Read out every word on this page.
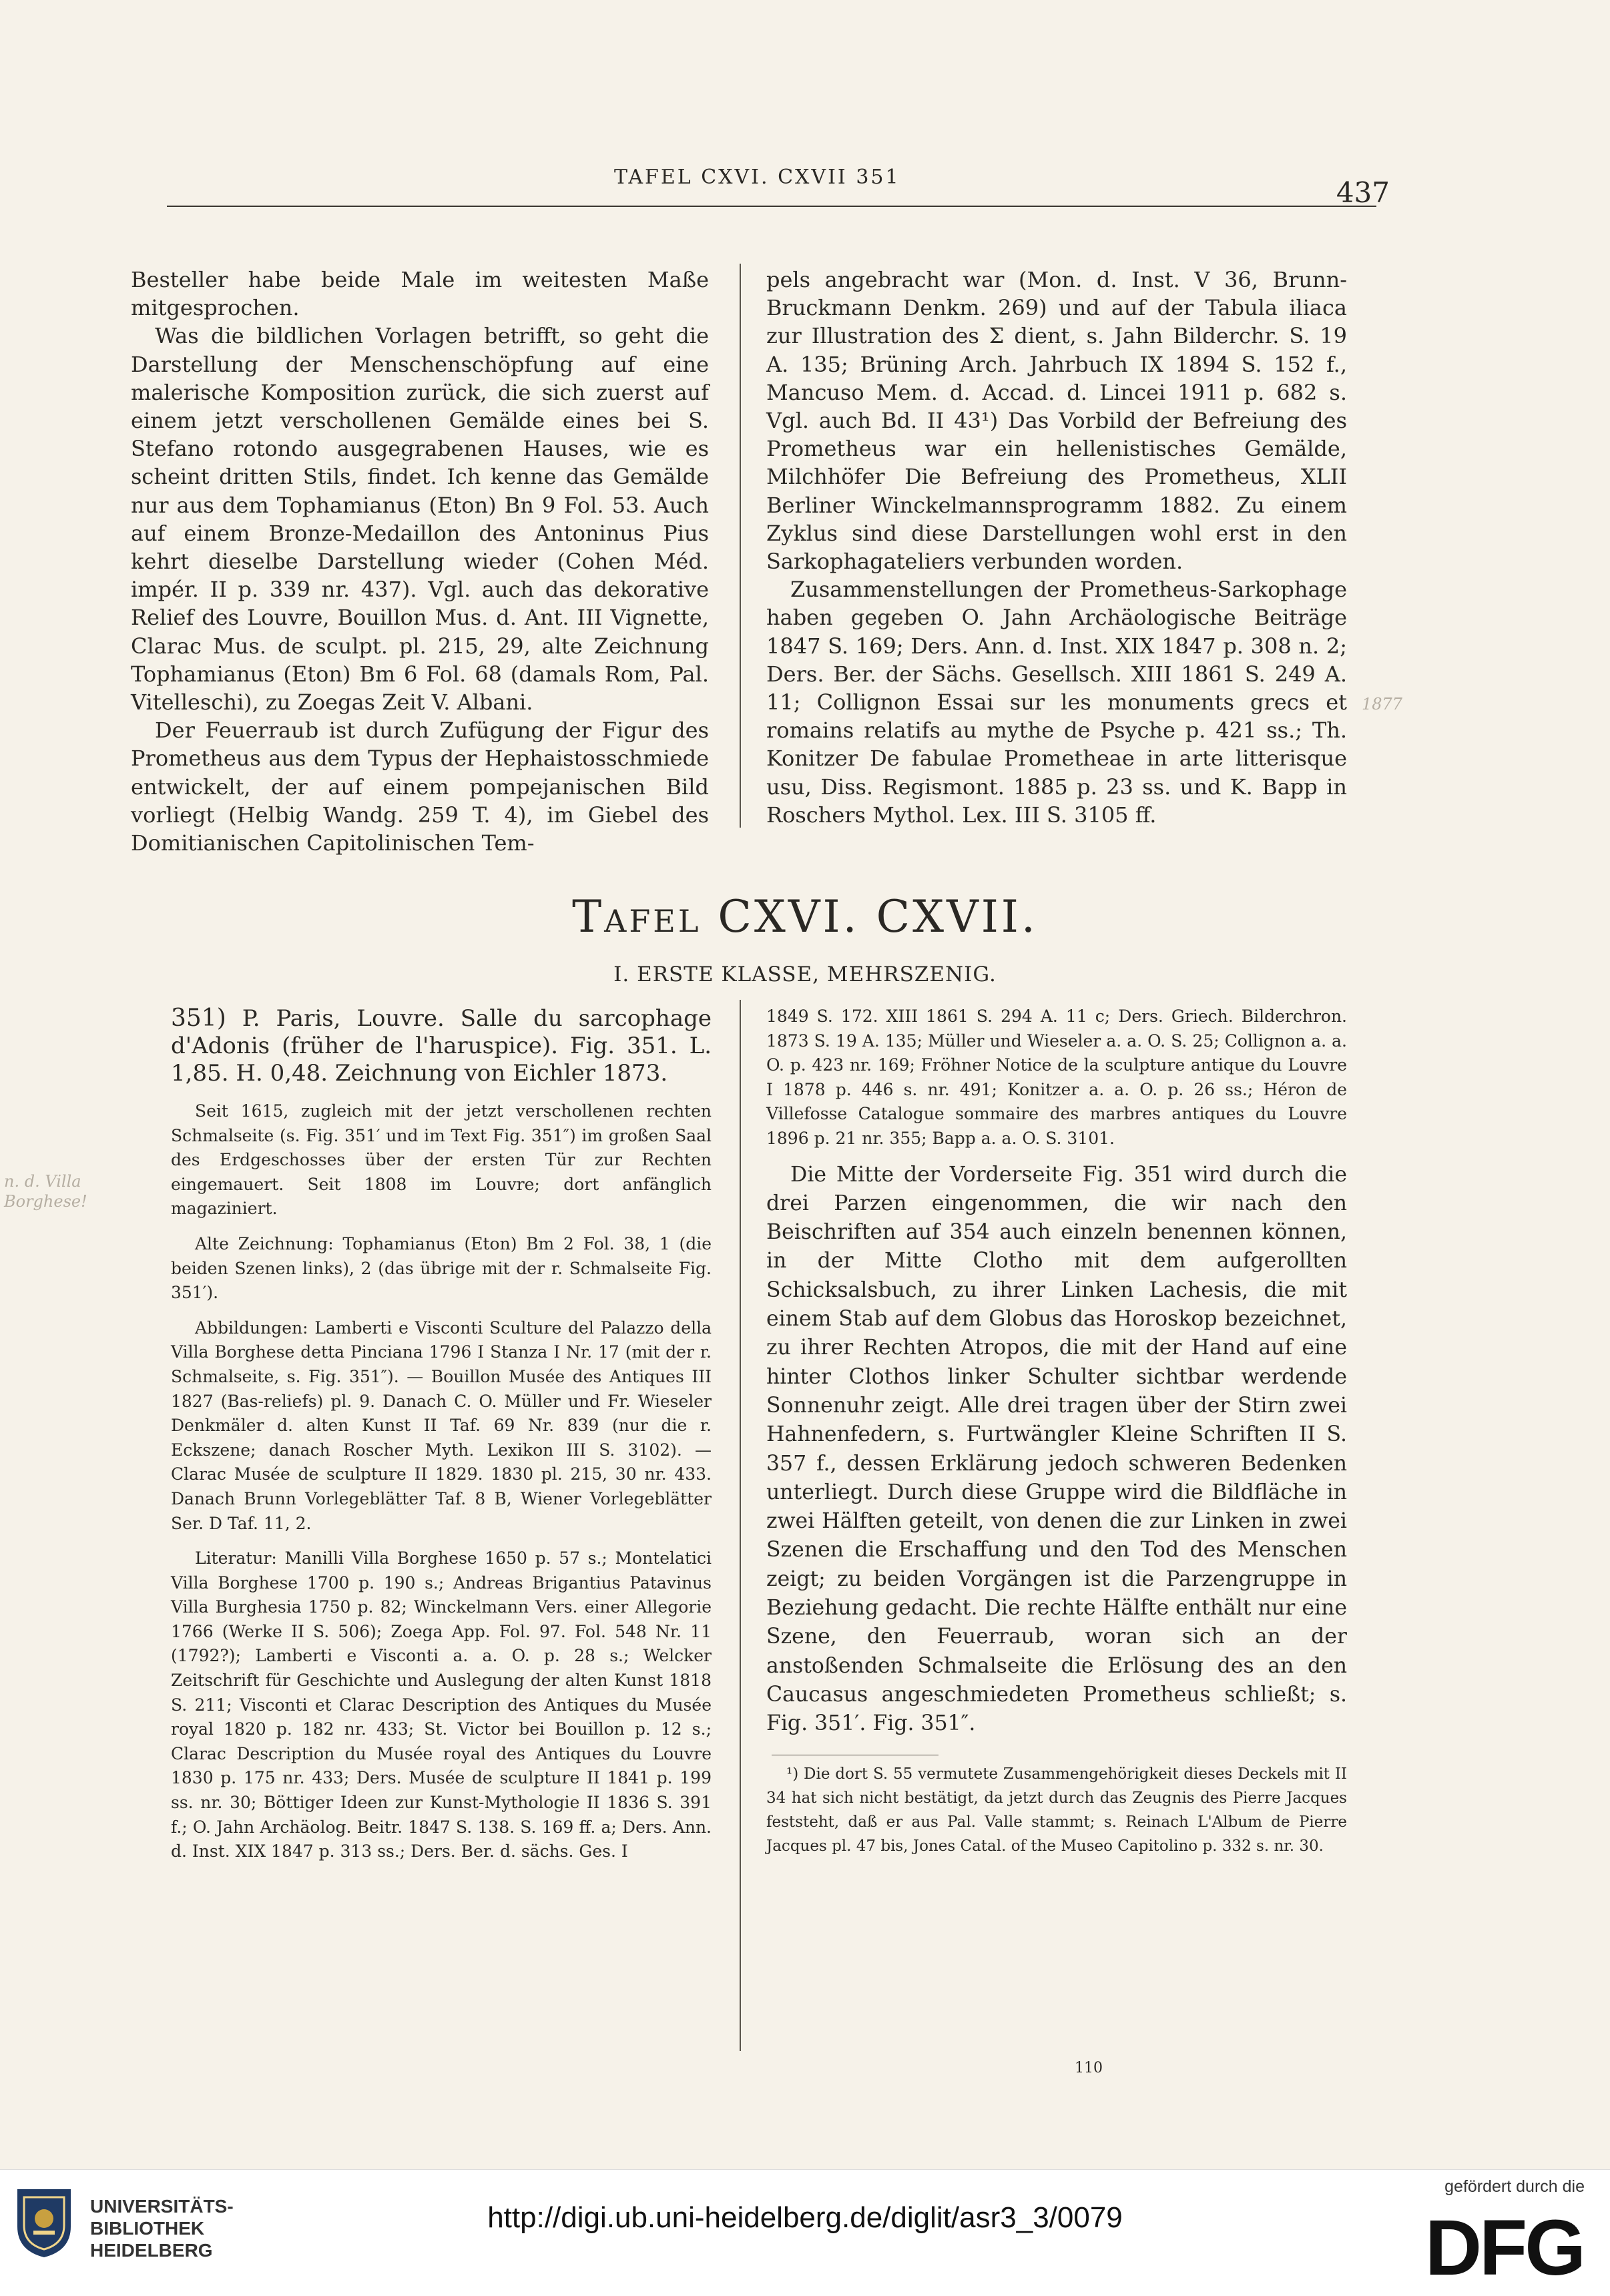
TAFEL CXVI. CXVII 351	437

Besteller habe beide Male im weitesten Maße mitgesprochen.

Was die bildlichen Vorlagen betrifft, so geht die Darstellung der Menschenschöpfung auf eine malerische Komposition zurück, die sich zuerst auf einem jetzt verschollenen Gemälde eines bei S. Stefano rotondo ausgegrabenen Hauses, wie es scheint dritten Stils, findet. Ich kenne das Gemälde nur aus dem Tophamianus (Eton) Bn 9 Fol. 53. Auch auf einem Bronze-Medaillon des Antoninus Pius kehrt dieselbe Darstellung wieder (Cohen Méd. impér. II p. 339 nr. 437). Vgl. auch das dekorative Relief des Louvre, Bouillon Mus. d. Ant. III Vignette, Clarac Mus. de sculpt. pl. 215, 29, alte Zeichnung Tophamianus (Eton) Bm 6 Fol. 68 (damals Rom, Pal. Vitelleschi), zu Zoegas Zeit V. Albani.

Der Feuerraub ist durch Zufügung der Figur des Prometheus aus dem Typus der Hephaistosschmiede entwickelt, der auf einem pompejanischen Bild vorliegt (Helbig Wandg. 259 T. 4), im Giebel des Domitianischen Capitolinischen Tem-

pels angebracht war (Mon. d. Inst. V 36, Brunn-Bruckmann Denkm. 269) und auf der Tabula iliaca zur Illustration des Σ dient, s. Jahn Bilderchr. S. 19 A. 135; Brüning Arch. Jahrbuch IX 1894 S. 152 f., Mancuso Mem. d. Accad. d. Lincei 1911 p. 682 s. Vgl. auch Bd. II 43¹) Das Vorbild der Befreiung des Prometheus war ein hellenistisches Gemälde, Milchhöfer Die Befreiung des Prometheus, XLII Berliner Winckelmannsprogramm 1882. Zu einem Zyklus sind diese Darstellungen wohl erst in den Sarkophagateliers verbunden worden.

Zusammenstellungen der Prometheus-Sarkophage haben gegeben O. Jahn Archäologische Beiträge 1847 S. 169; Ders. Ann. d. Inst. XIX 1847 p. 308 n. 2; Ders. Ber. der Sächs. Gesellsch. XIII 1861 S. 249 A. 11; Collignon Essai sur les monuments grecs et romains relatifs au mythe de Psyche p. 421 ss.; Th. Konitzer De fabulae Prometheae in arte litterisque usu, Diss. Regismont. 1885 p. 23 ss. und K. Bapp in Roschers Mythol. Lex. III S. 3105 ff.

Tafel CXVI. CXVII.
I. ERSTE KLASSE, MEHRSZENIG.
351) P. Paris, Louvre. Salle du sarcophage d'Adonis (früher de l'haruspice). Fig. 351. L. 1,85. H. 0,48. Zeichnung von Eichler 1873.

Seit 1615, zugleich mit der jetzt verschollenen rechten Schmalseite (s. Fig. 351′ und im Text Fig. 351″) im großen Saal des Erdgeschosses über der ersten Tür zur Rechten eingemauert. Seit 1808 im Louvre; dort anfänglich magaziniert.

Alte Zeichnung: Tophamianus (Eton) Bm 2 Fol. 38, 1 (die beiden Szenen links), 2 (das übrige mit der r. Schmalseite Fig. 351′).

Abbildungen: Lamberti e Visconti Sculture del Palazzo della Villa Borghese detta Pinciana 1796 I Stanza I Nr. 17 (mit der r. Schmalseite, s. Fig. 351″). — Bouillon Musée des Antiques III 1827 (Bas-reliefs) pl. 9. Danach C. O. Müller und Fr. Wieseler Denkmäler d. alten Kunst II Taf. 69 Nr. 839 (nur die r. Eckszene; danach Roscher Myth. Lexikon III S. 3102). — Clarac Musée de sculpture II 1829. 1830 pl. 215, 30 nr. 433. Danach Brunn Vorlegeblätter Taf. 8 B, Wiener Vorlegeblätter Ser. D Taf. 11, 2.

Literatur: Manilli Villa Borghese 1650 p. 57 s.; Montelatici Villa Borghese 1700 p. 190 s.; Andreas Brigantius Patavinus Villa Burghesia 1750 p. 82; Winckelmann Vers. einer Allegorie 1766 (Werke II S. 506); Zoega App. Fol. 97. Fol. 548 Nr. 11 (1792?); Lamberti e Visconti a. a. O. p. 28 s.; Welcker Zeitschrift für Geschichte und Auslegung der alten Kunst 1818 S. 211; Visconti et Clarac Description des Antiques du Musée royal 1820 p. 182 nr. 433; St. Victor bei Bouillon p. 12 s.; Clarac Description du Musée royal des Antiques du Louvre 1830 p. 175 nr. 433; Ders. Musée de sculpture II 1841 p. 199 ss. nr. 30; Böttiger Ideen zur Kunst-Mythologie II 1836 S. 391 f.; O. Jahn Archäolog. Beitr. 1847 S. 138. S. 169 ff. a; Ders. Ann. d. Inst. XIX 1847 p. 313 ss.; Ders. Ber. d. sächs. Ges. I

1849 S. 172. XIII 1861 S. 294 A. 11 c; Ders. Griech. Bilderchron. 1873 S. 19 A. 135; Müller und Wieseler a. a. O. S. 25; Collignon a. a. O. p. 423 nr. 169; Fröhner Notice de la sculpture antique du Louvre I 1878 p. 446 s. nr. 491; Konitzer a. a. O. p. 26 ss.; Héron de Villefosse Catalogue sommaire des marbres antiques du Louvre 1896 p. 21 nr. 355; Bapp a. a. O. S. 3101.

Die Mitte der Vorderseite Fig. 351 wird durch die drei Parzen eingenommen, die wir nach den Beischriften auf 354 auch einzeln benennen können, in der Mitte Clotho mit dem aufgerollten Schicksalsbuch, zu ihrer Linken Lachesis, die mit einem Stab auf dem Globus das Horoskop bezeichnet, zu ihrer Rechten Atropos, die mit der Hand auf eine hinter Clothos linker Schulter sichtbar werdende Sonnenuhr zeigt. Alle drei tragen über der Stirn zwei Hahnenfedern, s. Furtwängler Kleine Schriften II S. 357 f., dessen Erklärung jedoch schweren Bedenken unterliegt. Durch diese Gruppe wird die Bildfläche in zwei Hälften geteilt, von denen die zur Linken in zwei Szenen die Erschaffung und den Tod des Menschen zeigt; zu beiden Vorgängen ist die Parzengruppe in Beziehung gedacht. Die rechte Hälfte enthält nur eine Szene, den Feuerraub, woran sich an der anstoßenden Schmalseite die Erlösung des an den Caucasus angeschmiedeten Prometheus schließt; s. Fig. 351′. Fig. 351″.

¹) Die dort S. 55 vermutete Zusammengehörigkeit dieses Deckels mit II 34 hat sich nicht bestätigt, da jetzt durch das Zeugnis des Pierre Jacques feststeht, daß er aus Pal. Valle stammt; s. Reinach L'Album de Pierre Jacques pl. 47 bis, Jones Catal. of the Museo Capitolino p. 332 s. nr. 30.

110
n. d. Villa Borghese!
1877
UNIVERSITÄTS-
BIBLIOTHEK
HEIDELBERG
http://digi.ub.uni-heidelberg.de/diglit/asr3_3/0079
gefördert durch die
DFG
